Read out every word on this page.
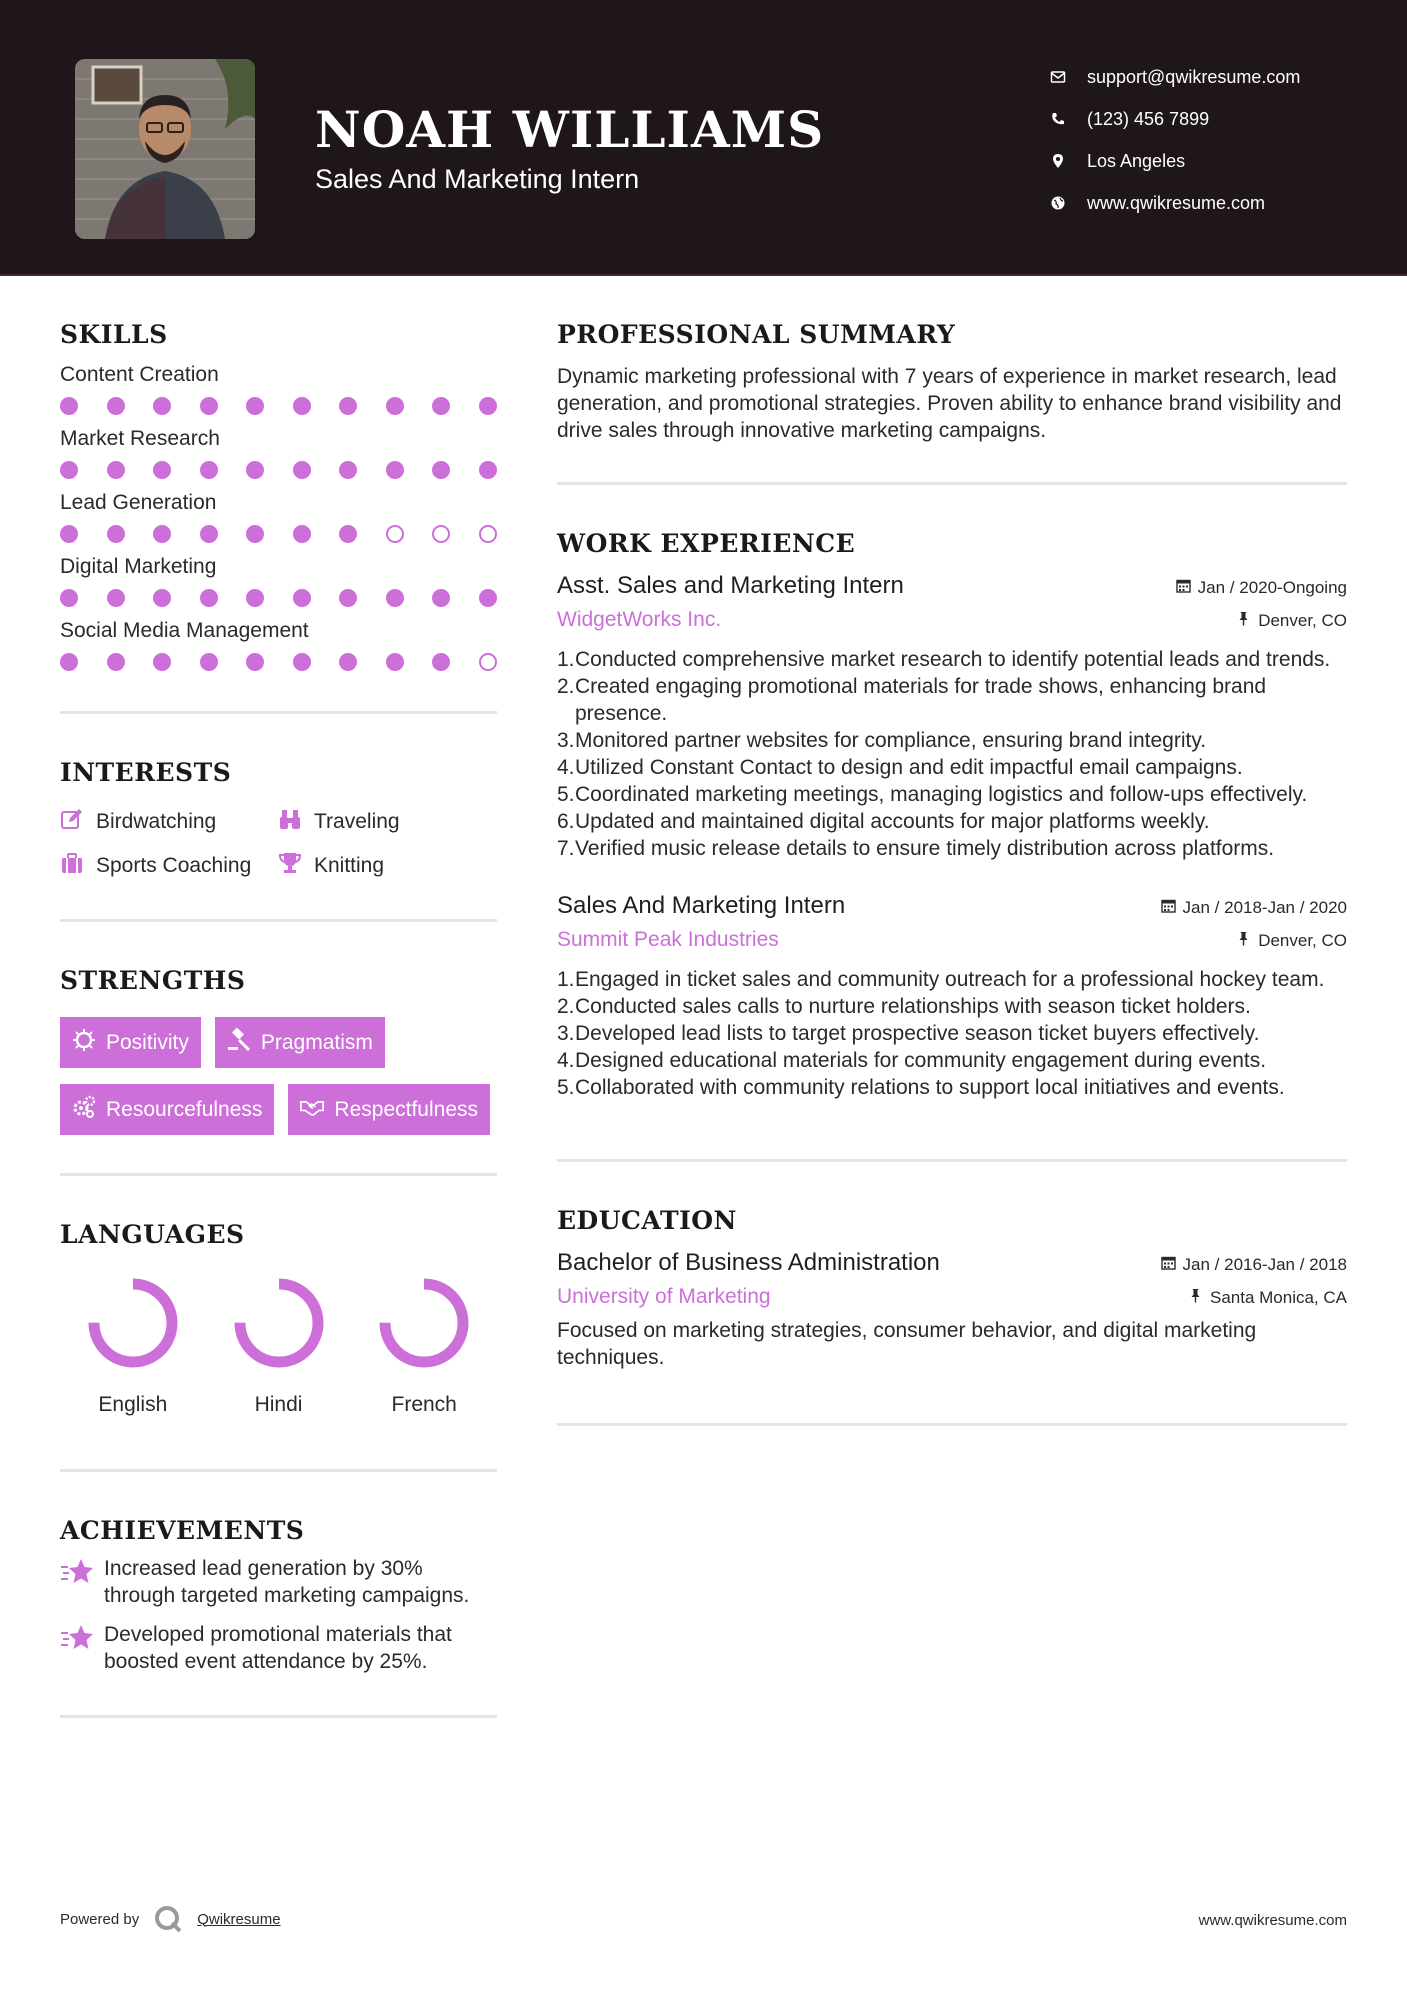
NOAH WILLIAMS
Sales And Marketing Intern
support@qwikresume.com
(123) 456 7899
Los Angeles
www.qwikresume.com
SKILLS
Content Creation
Market Research
Lead Generation
Digital Marketing
Social Media Management
INTERESTS
Birdwatching	Traveling
Sports Coaching	Knitting
STRENGTHS
Positivity	Pragmatism
Resourcefulness	Respectfulness
LANGUAGES
English	Hindi	French
ACHIEVEMENTS
Increased lead generation by 30% through targeted marketing campaigns.
Developed promotional materials that boosted event attendance by 25%.
PROFESSIONAL SUMMARY
Dynamic marketing professional with 7 years of experience in market research, lead generation, and promotional strategies. Proven ability to enhance brand visibility and drive sales through innovative marketing campaigns.
WORK EXPERIENCE
Asst. Sales and Marketing Intern	Jan / 2020-Ongoing
WidgetWorks Inc.	Denver, CO
1. Conducted comprehensive market research to identify potential leads and trends.
2. Created engaging promotional materials for trade shows, enhancing brand presence.
3. Monitored partner websites for compliance, ensuring brand integrity.
4. Utilized Constant Contact to design and edit impactful email campaigns.
5. Coordinated marketing meetings, managing logistics and follow-ups effectively.
6. Updated and maintained digital accounts for major platforms weekly.
7. Verified music release details to ensure timely distribution across platforms.
Sales And Marketing Intern	Jan / 2018-Jan / 2020
Summit Peak Industries	Denver, CO
1. Engaged in ticket sales and community outreach for a professional hockey team.
2. Conducted sales calls to nurture relationships with season ticket holders.
3. Developed lead lists to target prospective season ticket buyers effectively.
4. Designed educational materials for community engagement during events.
5. Collaborated with community relations to support local initiatives and events.
EDUCATION
Bachelor of Business Administration	Jan / 2016-Jan / 2018
University of Marketing	Santa Monica, CA
Focused on marketing strategies, consumer behavior, and digital marketing techniques.
Powered by	Qwikresume	www.qwikresume.com
